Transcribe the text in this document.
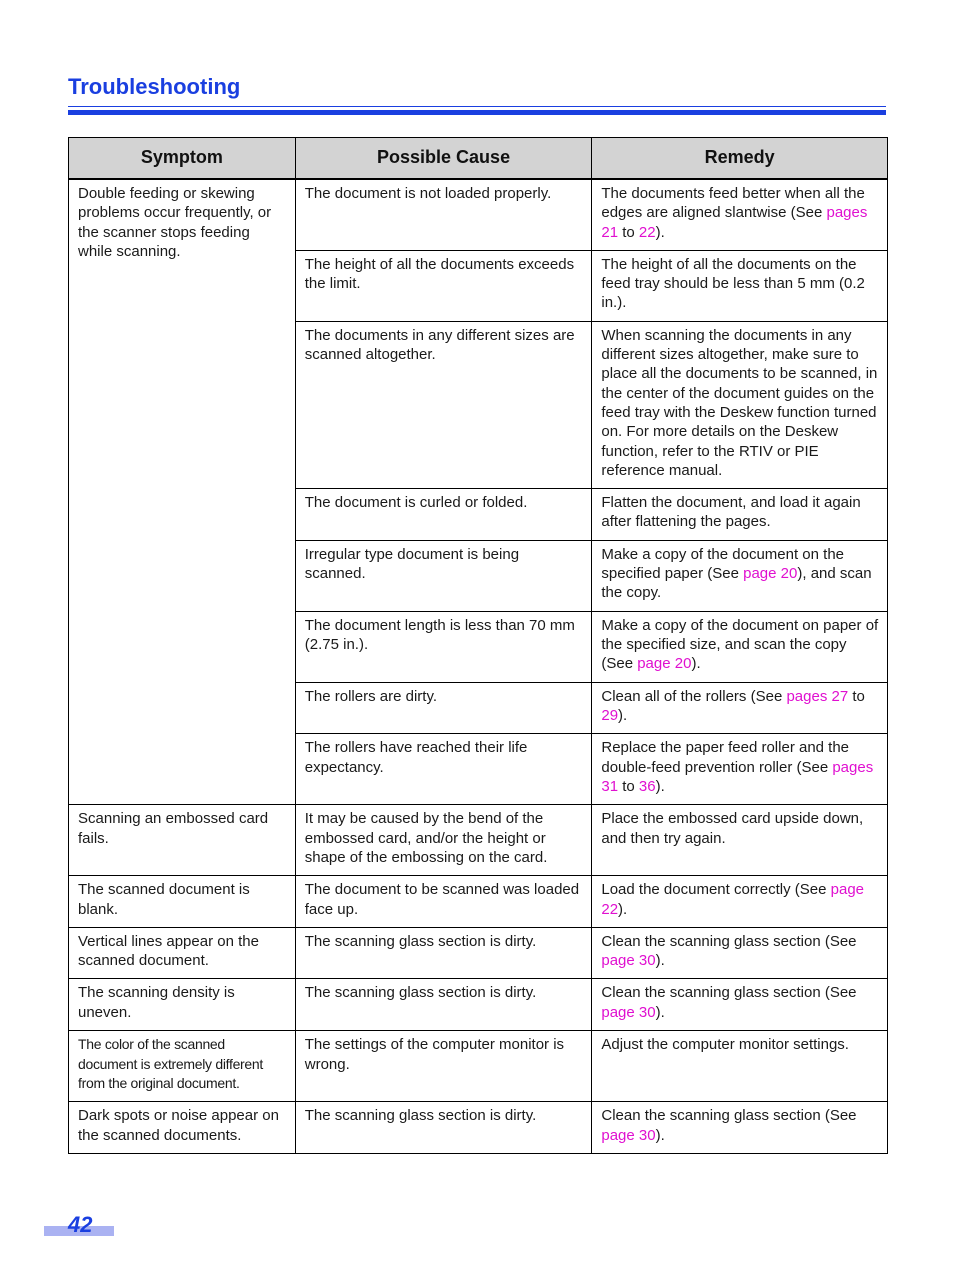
Troubleshooting
Symptom	Possible Cause	Remedy
Double feeding or skewing problems occur frequently, or the scanner stops feeding while scanning.	The document is not loaded properly.	The documents feed better when all the edges are aligned slantwise (See pages 21 to 22).
	The height of all the documents exceeds the limit.	The height of all the documents on the feed tray should be less than 5 mm (0.2 in.).
	The documents in any different sizes are scanned altogether.	When scanning the documents in any different sizes altogether, make sure to place all the documents to be scanned, in the center of the document guides on the feed tray with the Deskew function turned on. For more details on the Deskew function, refer to the RTIV or PIE reference manual.
	The document is curled or folded.	Flatten the document, and load it again after flattening the pages.
	Irregular type document is being scanned.	Make a copy of the document on the specified paper (See page 20), and scan the copy.
	The document length is less than 70 mm (2.75 in.).	Make a copy of the document on paper of the specified size, and scan the copy (See page 20).
	The rollers are dirty.	Clean all of the rollers (See pages 27 to 29).
	The rollers have reached their life expectancy.	Replace the paper feed roller and the double-feed prevention roller (See pages 31 to 36).
Scanning an embossed card fails.	It may be caused by the bend of the embossed card, and/or the height or shape of the embossing on the card.	Place the embossed card upside down, and then try again.
The scanned document is blank.	The document to be scanned was loaded face up.	Load the document correctly (See page 22).
Vertical lines appear on the scanned document.	The scanning glass section is dirty.	Clean the scanning glass section (See page 30).
The scanning density is uneven.	The scanning glass section is dirty.	Clean the scanning glass section (See page 30).
The color of the scanned document is extremely different from the original document.	The settings of the computer monitor is wrong.	Adjust the computer monitor settings.
Dark spots or noise appear on the scanned documents.	The scanning glass section is dirty.	Clean the scanning glass section (See page 30).
42
